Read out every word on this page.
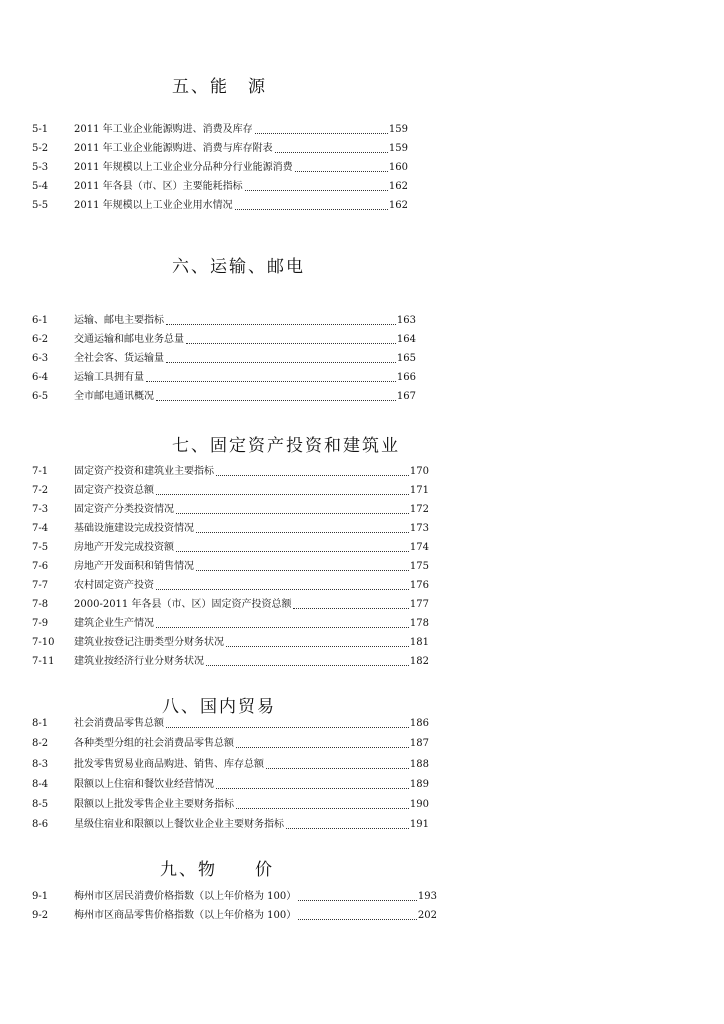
五、能　源
5-1	2011 年工业企业能源购进、消费及库存	159
5-2	2011 年工业企业能源购进、消费与库存附表	159
5-3	2011 年规模以上工业企业分品种分行业能源消费	160
5-4	2011 年各县（市、区）主要能耗指标	162
5-5	2011 年规模以上工业企业用水情况	162
六、运输、邮电
6-1	运输、邮电主要指标	163
6-2	交通运输和邮电业务总量	164
6-3	全社会客、货运输量	165
6-4	运输工具拥有量	166
6-5	全市邮电通讯概况	167
七、固定资产投资和建筑业
7-1	固定资产投资和建筑业主要指标	170
7-2	固定资产投资总额	171
7-3	固定资产分类投资情况	172
7-4	基础设施建设完成投资情况	173
7-5	房地产开发完成投资额	174
7-6	房地产开发面积和销售情况	175
7-7	农村固定资产投资	176
7-8	2000-2011 年各县（市、区）固定资产投资总额	177
7-9	建筑企业生产情况	178
7-10	建筑业按登记注册类型分财务状况	181
7-11	建筑业按经济行业分财务状况	182
八、国内贸易
8-1	社会消费品零售总额	186
8-2	各种类型分组的社会消费品零售总额	187
8-3	批发零售贸易业商品购进、销售、库存总额	188
8-4	限额以上住宿和餐饮业经营情况	189
8-5	限额以上批发零售企业主要财务指标	190
8-6	星级住宿业和限额以上餐饮业企业主要财务指标	191
九、物　　价
9-1	梅州市区居民消费价格指数（以上年价格为 100）	193
9-2	梅州市区商品零售价格指数（以上年价格为 100）	202
